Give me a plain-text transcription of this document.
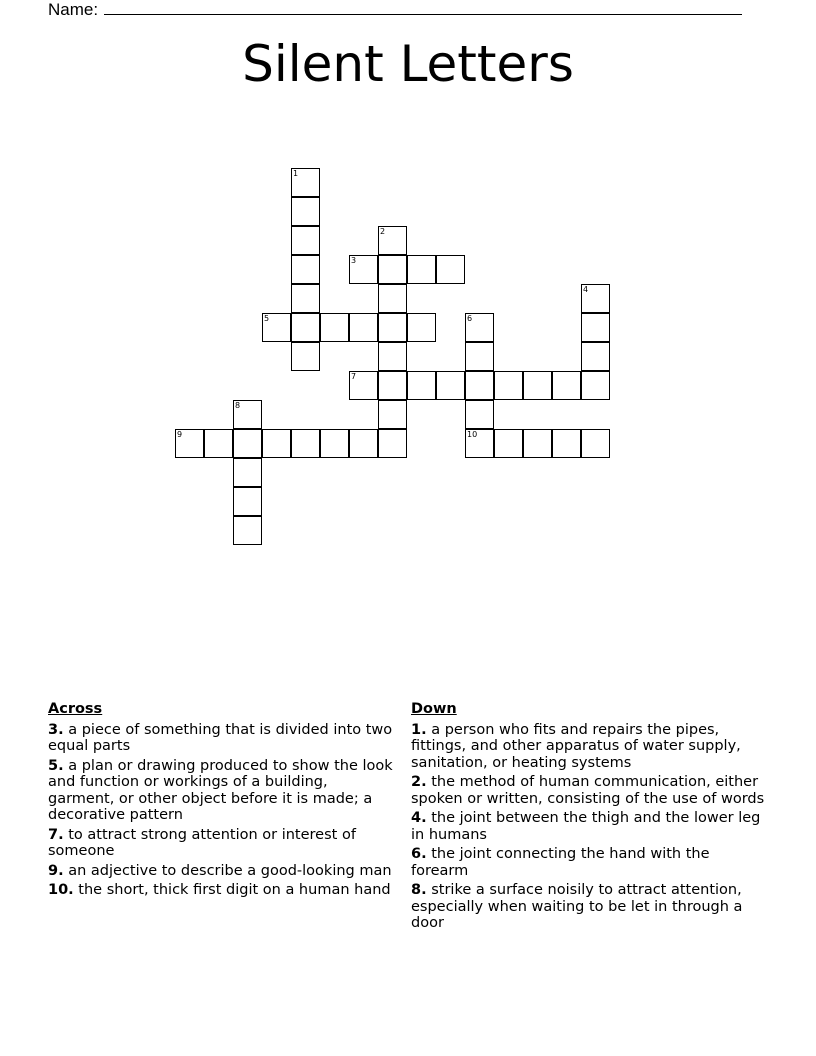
Name:
Silent Letters
1
2
3
4
5	6
10
7
8
9
Across
3. a piece of something that is divided into two equal parts
5. a plan or drawing produced to show the look and function or workings of a building, garment, or other object before it is made; a decorative pattern
7. to attract strong attention or interest of someone
9. an adjective to describe a good-looking man
10. the short, thick first digit on a human hand
Down
1. a person who fits and repairs the pipes, fittings, and other apparatus of water supply, sanitation, or heating systems
2. the method of human communication, either spoken or written, consisting of the use of words
4. the joint between the thigh and the lower leg in humans
6. the joint connecting the hand with the forearm
8. strike a surface noisily to attract attention, especially when waiting to be let in through a door
